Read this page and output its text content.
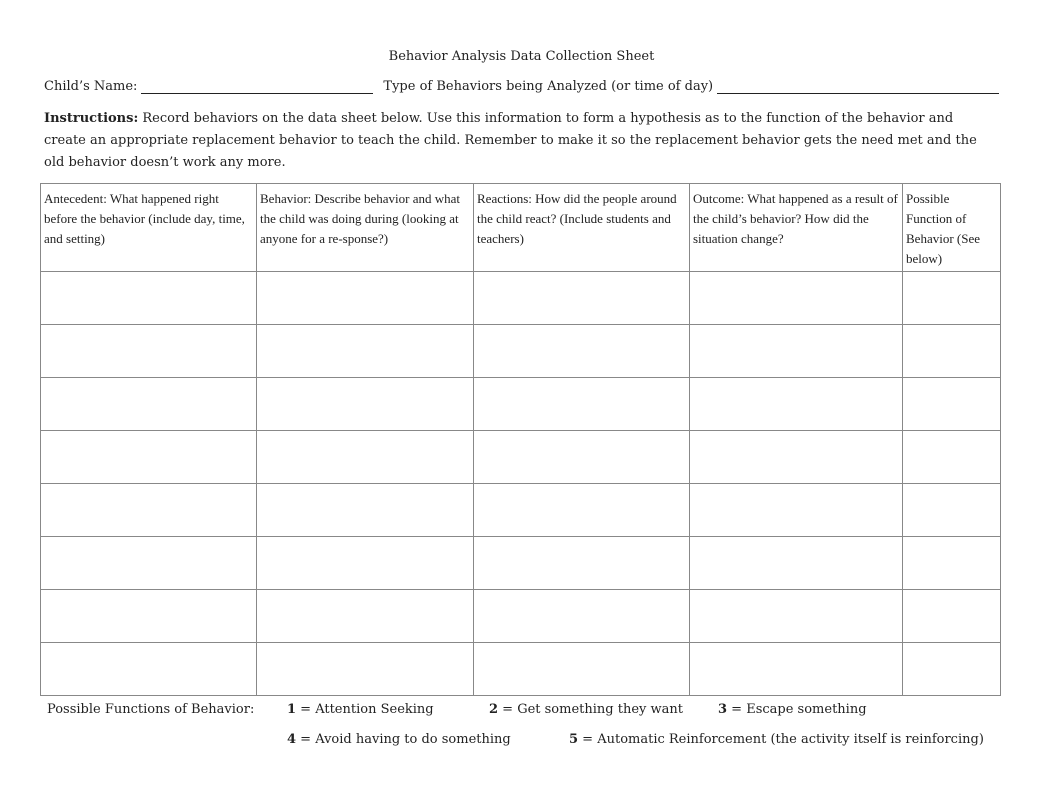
Behavior Analysis Data Collection Sheet
Child’s Name:	Type of Behaviors being Analyzed (or time of day)
Instructions: Record behaviors on the data sheet below. Use this information to form a hypothesis as to the function of the behavior and create an appropriate replacement behavior to teach the child. Remember to make it so the replacement behavior gets the need met and the old behavior doesn’t work any more.
Antecedent: What happened right before the behavior (include day, time, and setting)	Behavior: Describe behavior and what the child was doing during (looking at anyone for a re-sponse?)	Reactions: How did the people around the child react? (Include students and teachers)	Outcome: What happened as a result of the child’s behavior? How did the situation change?	Possible Function of Behavior (See below)

Possible Functions of Behavior:	1 = Attention Seeking	2 = Get something they want	3 = Escape something
4 = Avoid having to do something	5 = Automatic Reinforcement (the activity itself is reinforcing)
